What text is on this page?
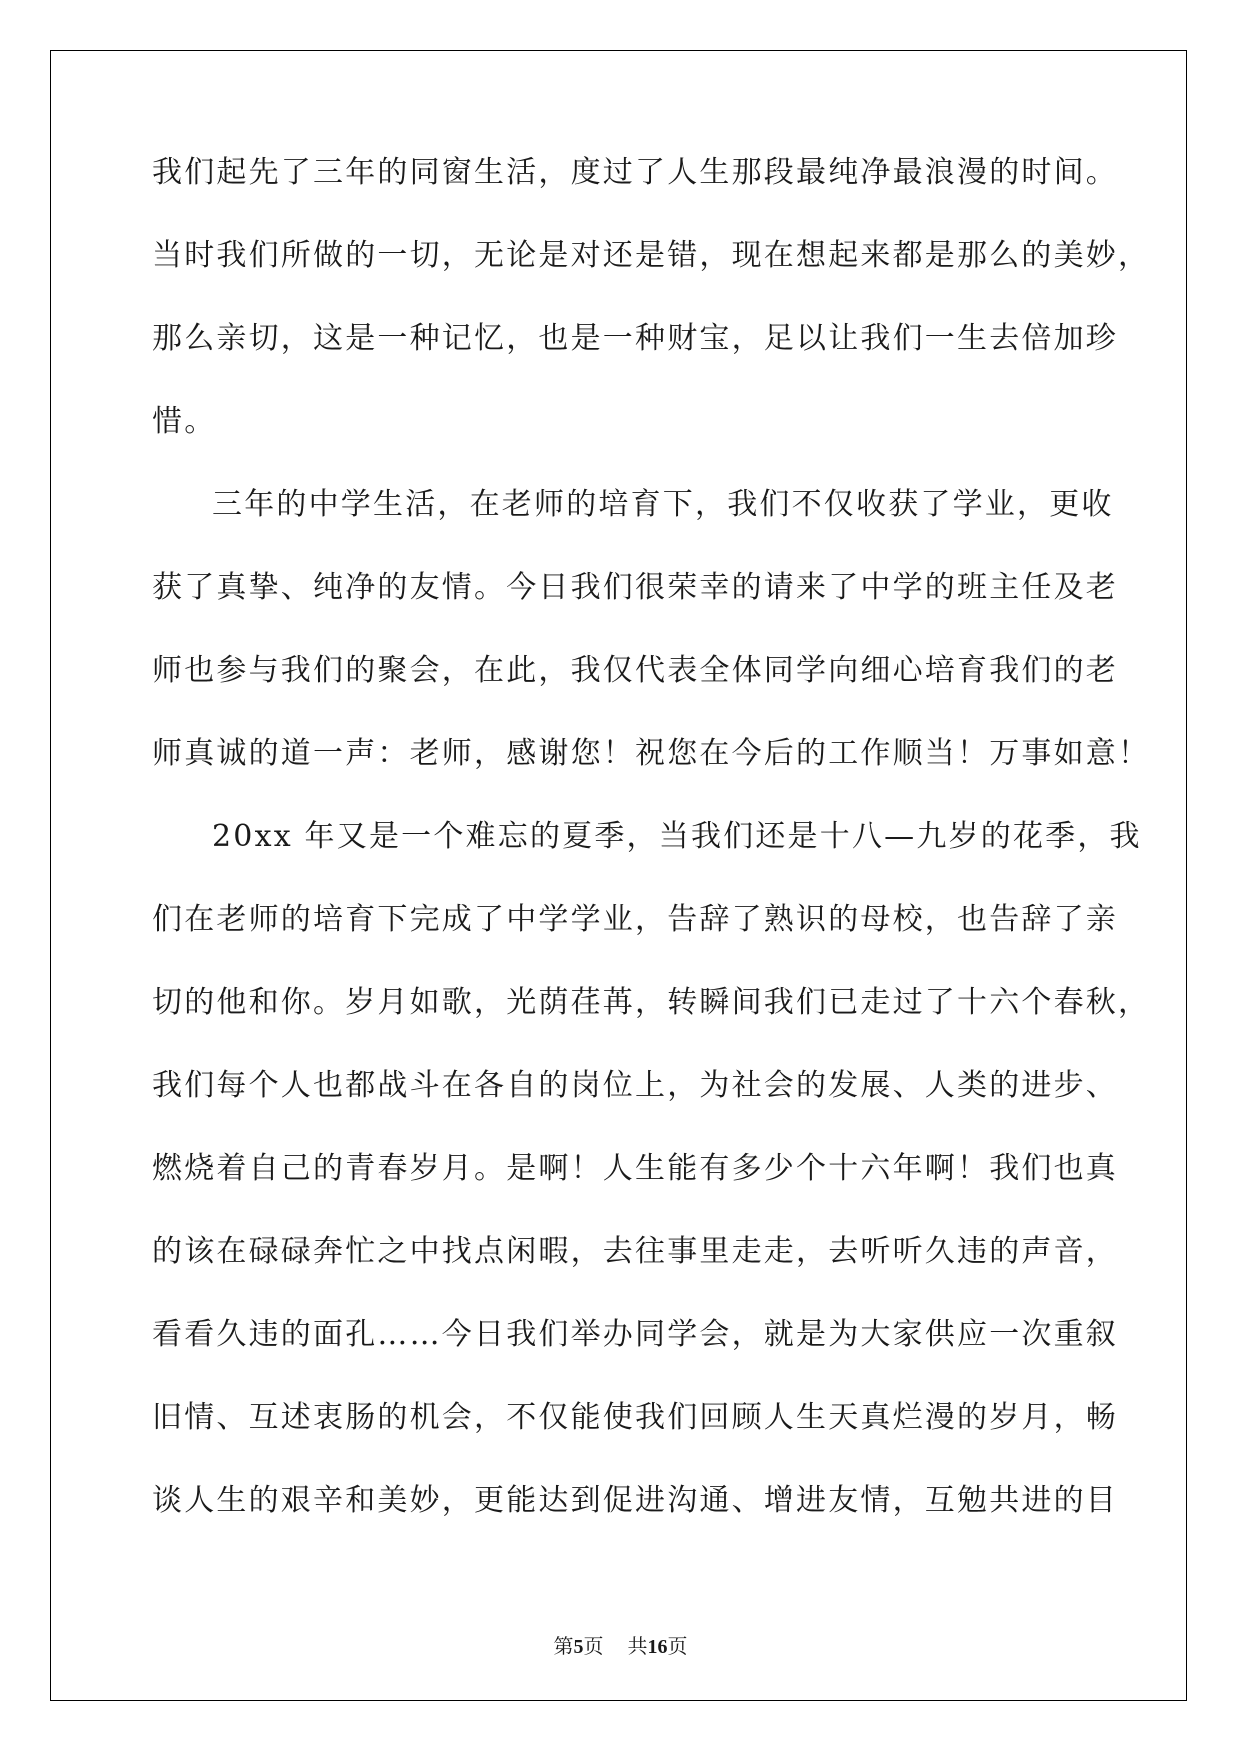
我们起先了三年的同窗生活，度过了人生那段最纯净最浪漫的时间。
当时我们所做的一切，无论是对还是错，现在想起来都是那么的美妙，
那么亲切，这是一种记忆，也是一种财宝，足以让我们一生去倍加珍
惜。
三年的中学生活，在老师的培育下，我们不仅收获了学业，更收
获了真挚、纯净的友情。今日我们很荣幸的请来了中学的班主任及老
师也参与我们的聚会，在此，我仅代表全体同学向细心培育我们的老
师真诚的道一声：老师，感谢您！祝您在今后的工作顺当！万事如意！
20xx 年又是一个难忘的夏季，当我们还是十八—九岁的花季，我
们在老师的培育下完成了中学学业，告辞了熟识的母校，也告辞了亲
切的他和你。岁月如歌，光荫荏苒，转瞬间我们已走过了十六个春秋，
我们每个人也都战斗在各自的岗位上，为社会的发展、人类的进步、
燃烧着自己的青春岁月。是啊！人生能有多少个十六年啊！我们也真
的该在碌碌奔忙之中找点闲暇，去往事里走走，去听听久违的声音，
看看久违的面孔……今日我们举办同学会，就是为大家供应一次重叙
旧情、互述衷肠的机会，不仅能使我们回顾人生天真烂漫的岁月，畅
谈人生的艰辛和美妙，更能达到促进沟通、增进友情，互勉共进的目
第5页 共16页
